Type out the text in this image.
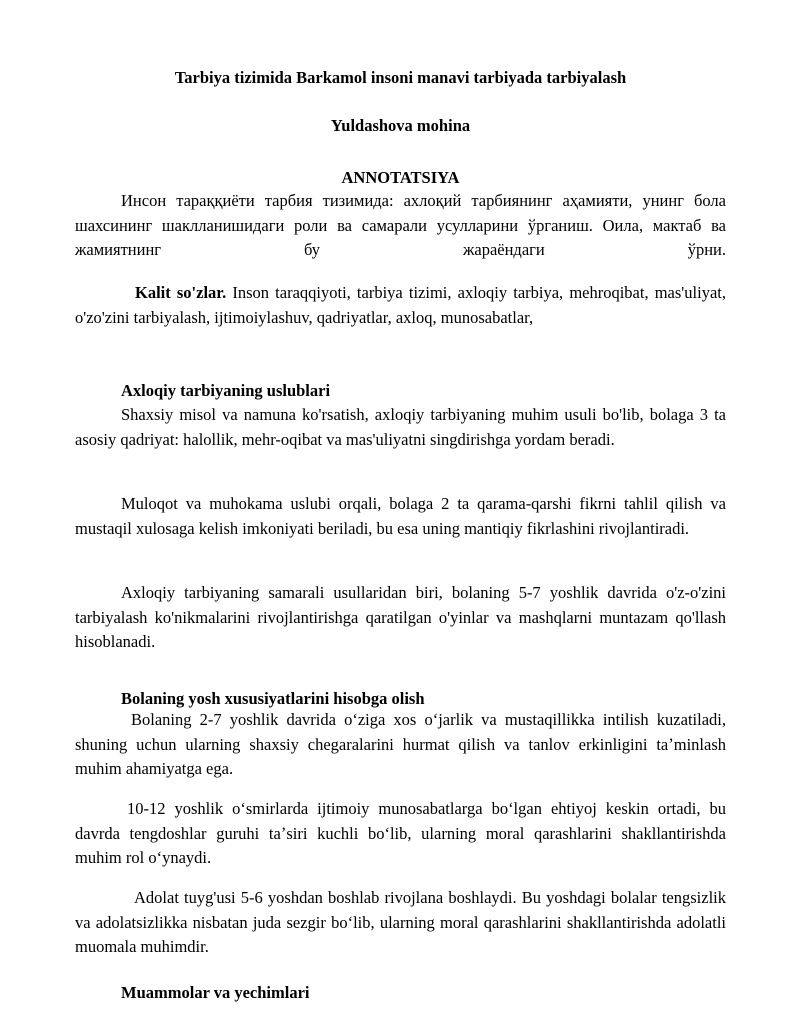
Tarbiya tizimida Barkamol insoni manavi tarbiyada tarbiyalash
Yuldashova mohina
ANNOTATSIYA

Инсон тараққиёти тарбия тизимида: ахлоқий тарбиянинг аҳамияти, унинг бола шахсининг шаклланишидаги роли ва самарали усулларини ўрганиш. Оила, мактаб ва жамиятнинг бу жараёндаги ўрни.

Kalit so'zlar. Inson taraqqiyoti, tarbiya tizimi, axloqiy tarbiya, mehroqibat, mas'uliyat, o'zo'zini tarbiyalash, ijtimoiylashuv, qadriyatlar, axloq, munosabatlar,

Axloqiy tarbiyaning uslublari

Shaxsiy misol va namuna ko'rsatish, axloqiy tarbiyaning muhim usuli bo'lib, bolaga 3 ta asosiy qadriyat: halollik, mehr-oqibat va mas'uliyatni singdirishga yordam beradi.

Muloqot va muhokama uslubi orqali, bolaga 2 ta qarama-qarshi fikrni tahlil qilish va mustaqil xulosaga kelish imkoniyati beriladi, bu esa uning mantiqiy fikrlashini rivojlantiradi.

Axloqiy tarbiyaning samarali usullaridan biri, bolaning 5-7 yoshlik davrida o'z-o'zini tarbiyalash ko'nikmalarini rivojlantirishga qaratilgan o'yinlar va mashqlarni muntazam qo'llash hisoblanadi.

Bolaning yosh xususiyatlarini hisobga olish

Bolaning 2-7 yoshlik davrida oʻziga xos oʻjarlik va mustaqillikka intilish kuzatiladi, shuning uchun ularning shaxsiy chegaralarini hurmat qilish va tanlov erkinligini taʼminlash muhim ahamiyatga ega.

10-12 yoshlik oʻsmirlarda ijtimoiy munosabatlarga boʻlgan ehtiyoj keskin ortadi, bu davrda tengdoshlar guruhi taʼsiri kuchli boʻlib, ularning moral qarashlarini shakllantirishda muhim rol oʻynaydi.

Adolat tuyg'usi 5-6 yoshdan boshlab rivojlana boshlaydi. Bu yoshdagi bolalar tengsizlik va adolatsizlikka nisbatan juda sezgir boʻlib, ularning moral qarashlarini shakllantirishda adolatli muomala muhimdir.

Muammolar va yechimlari
